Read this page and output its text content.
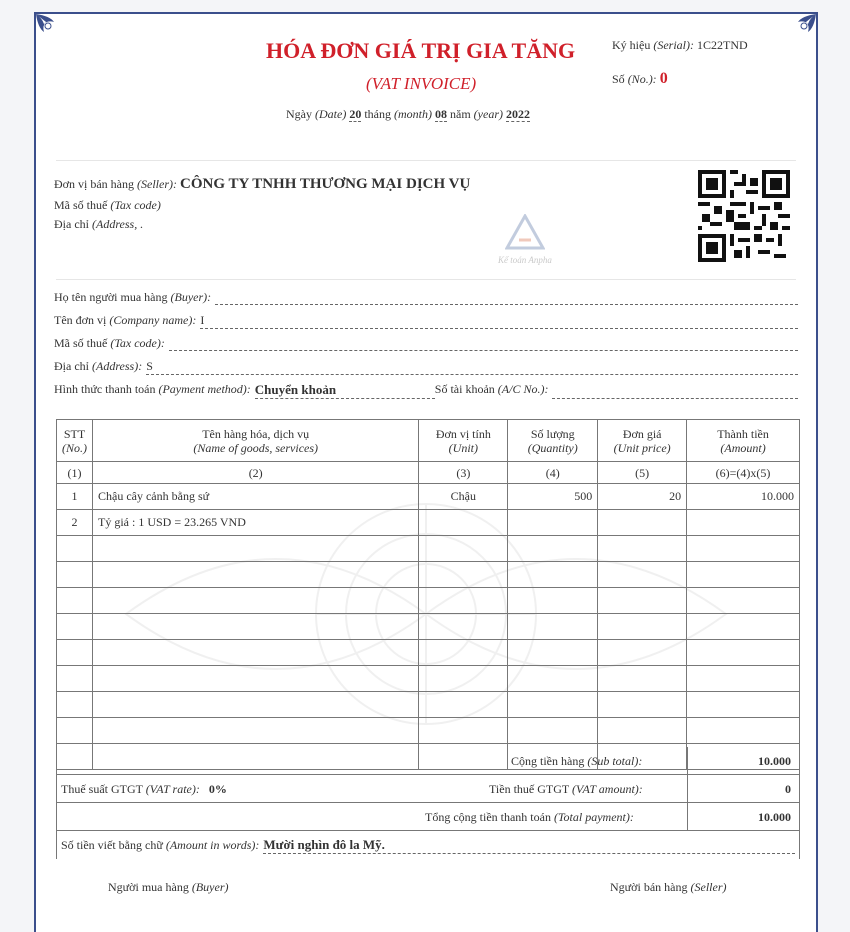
HÓA ĐƠN GIÁ TRỊ GIA TĂNG
(VAT INVOICE)
Ký hiệu (Serial): 1C22TND
Số (No.): 0
Ngày (Date) 20 tháng (month) 08 năm (year) 2022
Đơn vị bán hàng (Seller): CÔNG TY TNHH THƯƠNG MẠI DỊCH VỤ
Mã số thuế (Tax code)
Địa chỉ (Address, .
Kế toán Anpha
Họ tên người mua hàng
(Buyer):
Tên đơn vị
(Company name): I
Mã số thuế
(Tax code):
Địa chỉ
(Address): S
Hình thức thanh toán
(Payment method): Chuyển khoản	Số tài khoản
(A/C No.):
STT
(No.)	Tên hàng hóa, dịch vụ
(Name of goods, services)	Đơn vị tính
(Unit)	Số lượng
(Quantity)	Đơn giá
(Unit price)	Thành tiền
(Amount)
(1)	(2)	(3)	(4)	(5)	(6)=(4)x(5)
1	Chậu cây cảnh bằng sứ	Chậu	500	20	10.000
2	Tỷ giá : 1 USD = 23.265 VND				

Cộng tiền hàng (Sub total):	10.000
Thuế suất GTGT (VAT rate): 0%	Tiền thuế GTGT (VAT amount):	0
Tổng cộng tiền thanh toán (Total payment):	10.000
Số tiền viết bằng chữ
(Amount in words): Mười nghìn đô la Mỹ.
Người mua hàng (Buyer)	Người bán hàng (Seller)
